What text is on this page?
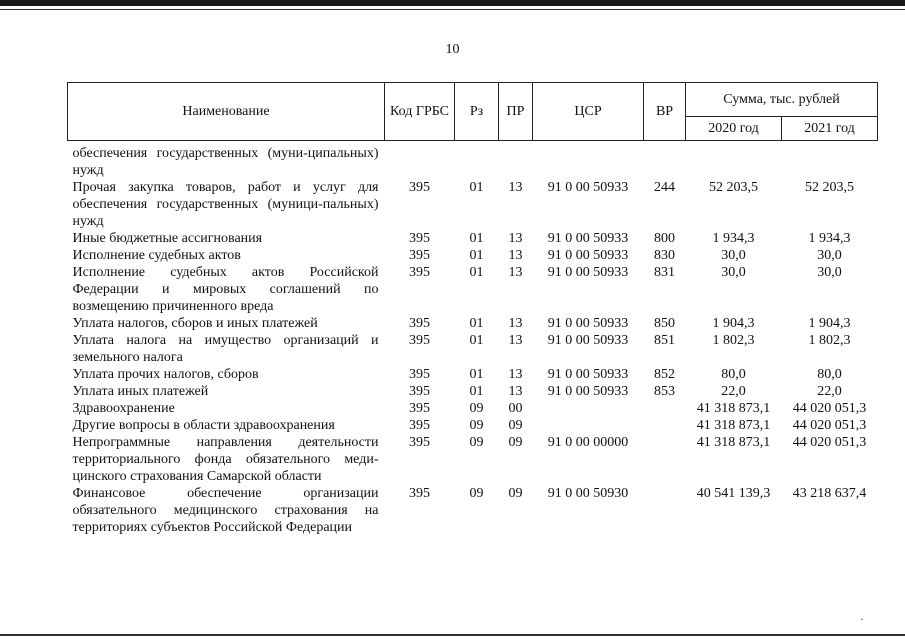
10
Наименование	Код ГРБС	Рз	ПР	ЦСР	ВР	Сумма, тыс. рублей	
						2020 год	2021 год
обеспечения государственных (муни-ципальных) нужд							
Прочая закупка товаров, работ и услуг для обеспечения государственных (муници-пальных) нужд	395	01	13	91 0 00 50933	244	52 203,5	52 203,5
Иные бюджетные ассигнования	395	01	13	91 0 00 50933	800	1 934,3	1 934,3
Исполнение судебных актов	395	01	13	91 0 00 50933	830	30,0	30,0
Исполнение судебных актов Российской Федерации и мировых соглашений по возмещению причиненного вреда	395	01	13	91 0 00 50933	831	30,0	30,0
Уплата налогов, сборов и иных платежей	395	01	13	91 0 00 50933	850	1 904,3	1 904,3
Уплата налога на имущество организаций и земельного налога	395	01	13	91 0 00 50933	851	1 802,3	1 802,3
Уплата прочих налогов, сборов	395	01	13	91 0 00 50933	852	80,0	80,0
Уплата иных платежей	395	01	13	91 0 00 50933	853	22,0	22,0
Здравоохранение	395	09	00			41 318 873,1	44 020 051,3
Другие вопросы в области здравоохранения	395	09	09			41 318 873,1	44 020 051,3
Непрограммные направления деятельности территориального фонда обязательного меди-цинского страхования Самарской области	395	09	09	91 0 00 00000		41 318 873,1	44 020 051,3
Финансовое обеспечение организации обязательного медицинского страхования на территориях субъектов Российской Федерации	395	09	09	91 0 00 50930		40 541 139,3	43 218 637,4
·
